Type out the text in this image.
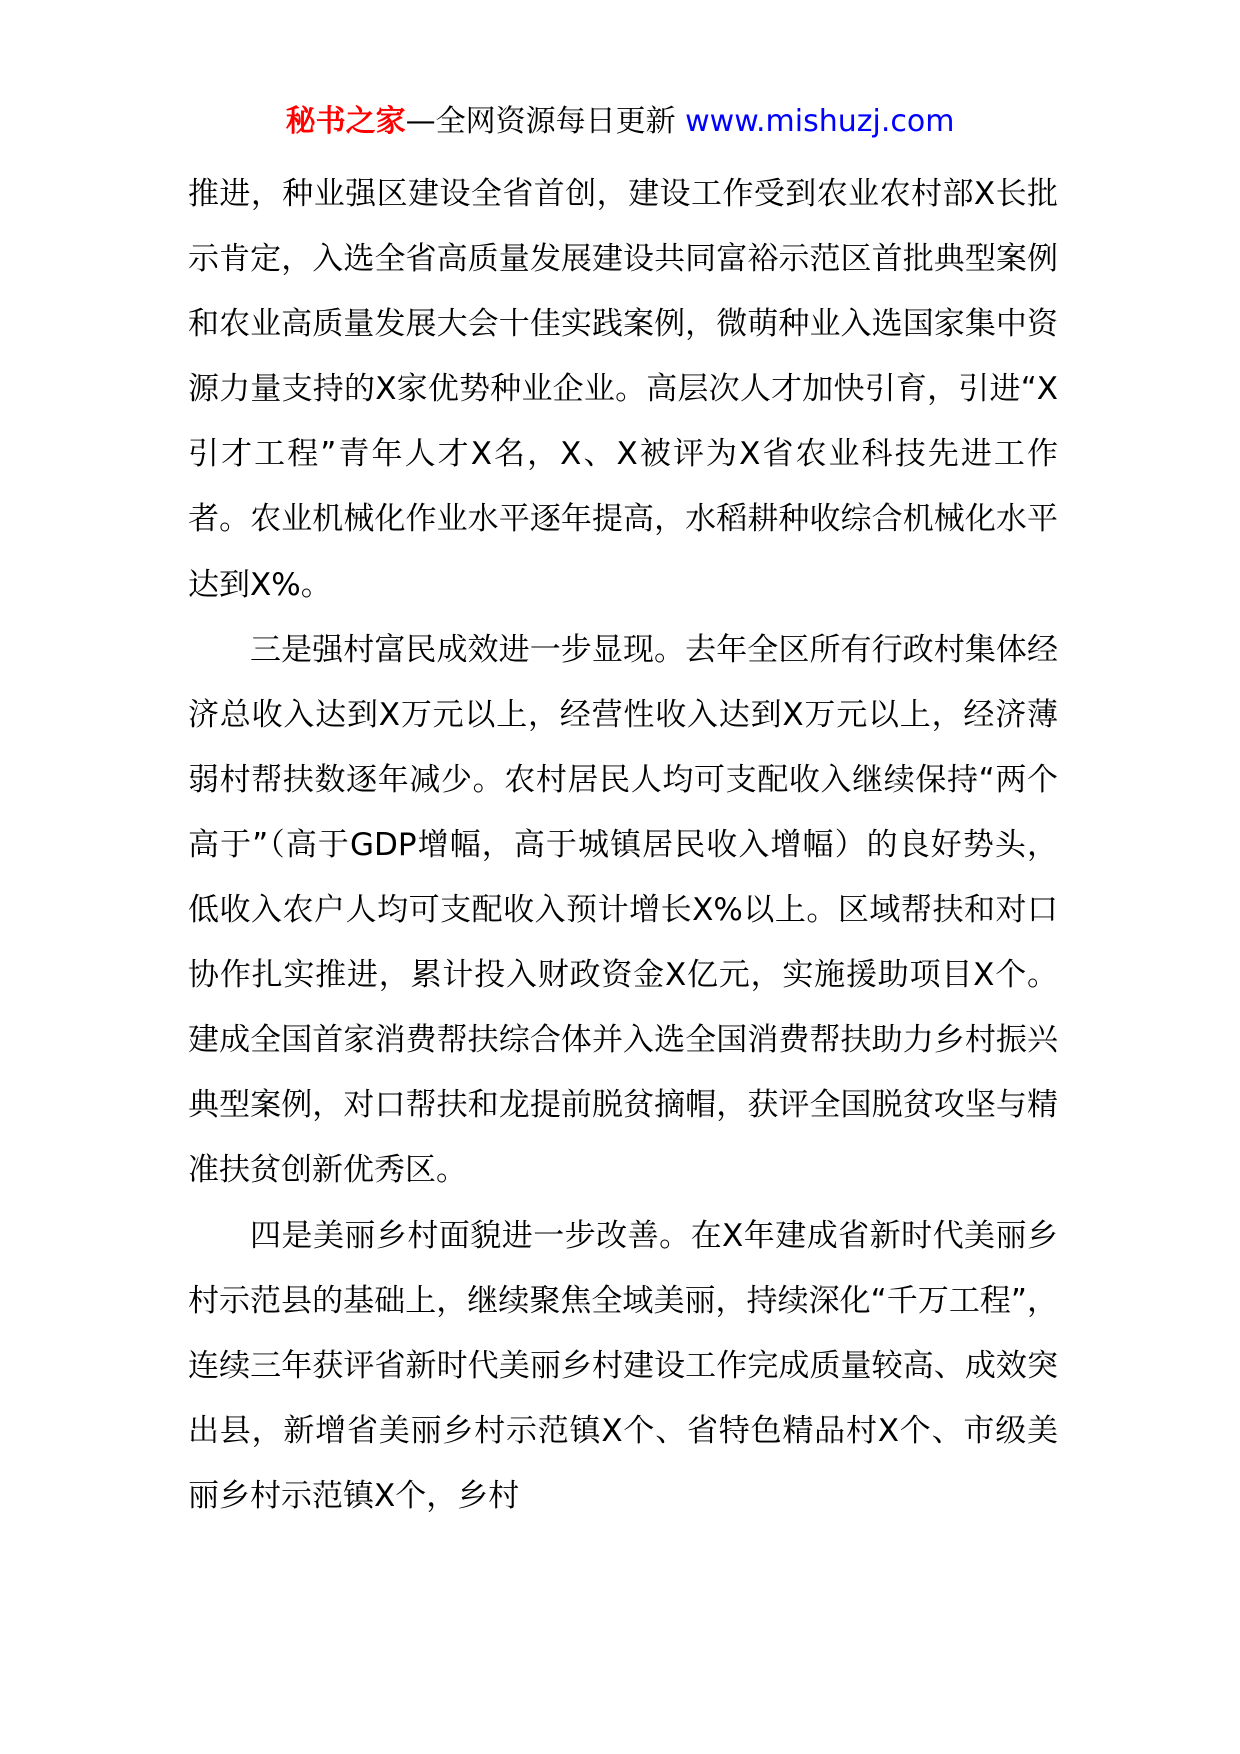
秘书之家—全网资源每日更新 www.mishuzj.com

推进，种业强区建设全省首创，建设工作受到农业农村部X长批示肯定，入选全省高质量发展建设共同富裕示范区首批典型案例和农业高质量发展大会十佳实践案例，微萌种业入选国家集中资源力量支持的X家优势种业企业。高层次人才加快引育，引进“X引才工程”青年人才X名，X、X被评为X省农业科技先进工作者。农业机械化作业水平逐年提高，水稻耕种收综合机械化水平达到X%。

三是强村富民成效进一步显现。去年全区所有行政村集体经济总收入达到X万元以上，经营性收入达到X万元以上，经济薄弱村帮扶数逐年减少。农村居民人均可支配收入继续保持“两个高于”（高于GDP增幅，高于城镇居民收入增幅）的良好势头，低收入农户人均可支配收入预计增长X%以上。区域帮扶和对口协作扎实推进，累计投入财政资金X亿元，实施援助项目X个。建成全国首家消费帮扶综合体并入选全国消费帮扶助力乡村振兴典型案例，对口帮扶和龙提前脱贫摘帽，获评全国脱贫攻坚与精准扶贫创新优秀区。

四是美丽乡村面貌进一步改善。在X年建成省新时代美丽乡村示范县的基础上，继续聚焦全域美丽，持续深化“千万工程”，连续三年获评省新时代美丽乡村建设工作完成质量较高、成效突出县，新增省美丽乡村示范镇X个、省特色精品村X个、市级美丽乡村示范镇X个，乡村
